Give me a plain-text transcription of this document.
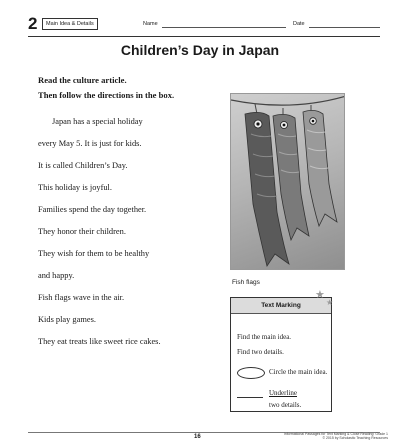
2	Main Idea & Details	Name	Date
Children’s Day in Japan
Read the culture article.
Then follow the directions in the box.
Japan has a special holiday
every May 5. It is just for kids.
It is called Children’s Day.
This holiday is joyful.
Families spend the day together.
They honor their children.
They wish for them to be healthy
and happy.
Fish flags wave in the air.
Kids play games.
They eat treats like sweet rice cakes.
Fish flags
Text Marking
Find the main idea.
Find two details.
Circle the main idea.
Underline
two details.
★
★
16	Informational Passages for Text Marking & Close Reading: Grade 1
© 2015 by Scholastic Teaching Resources
